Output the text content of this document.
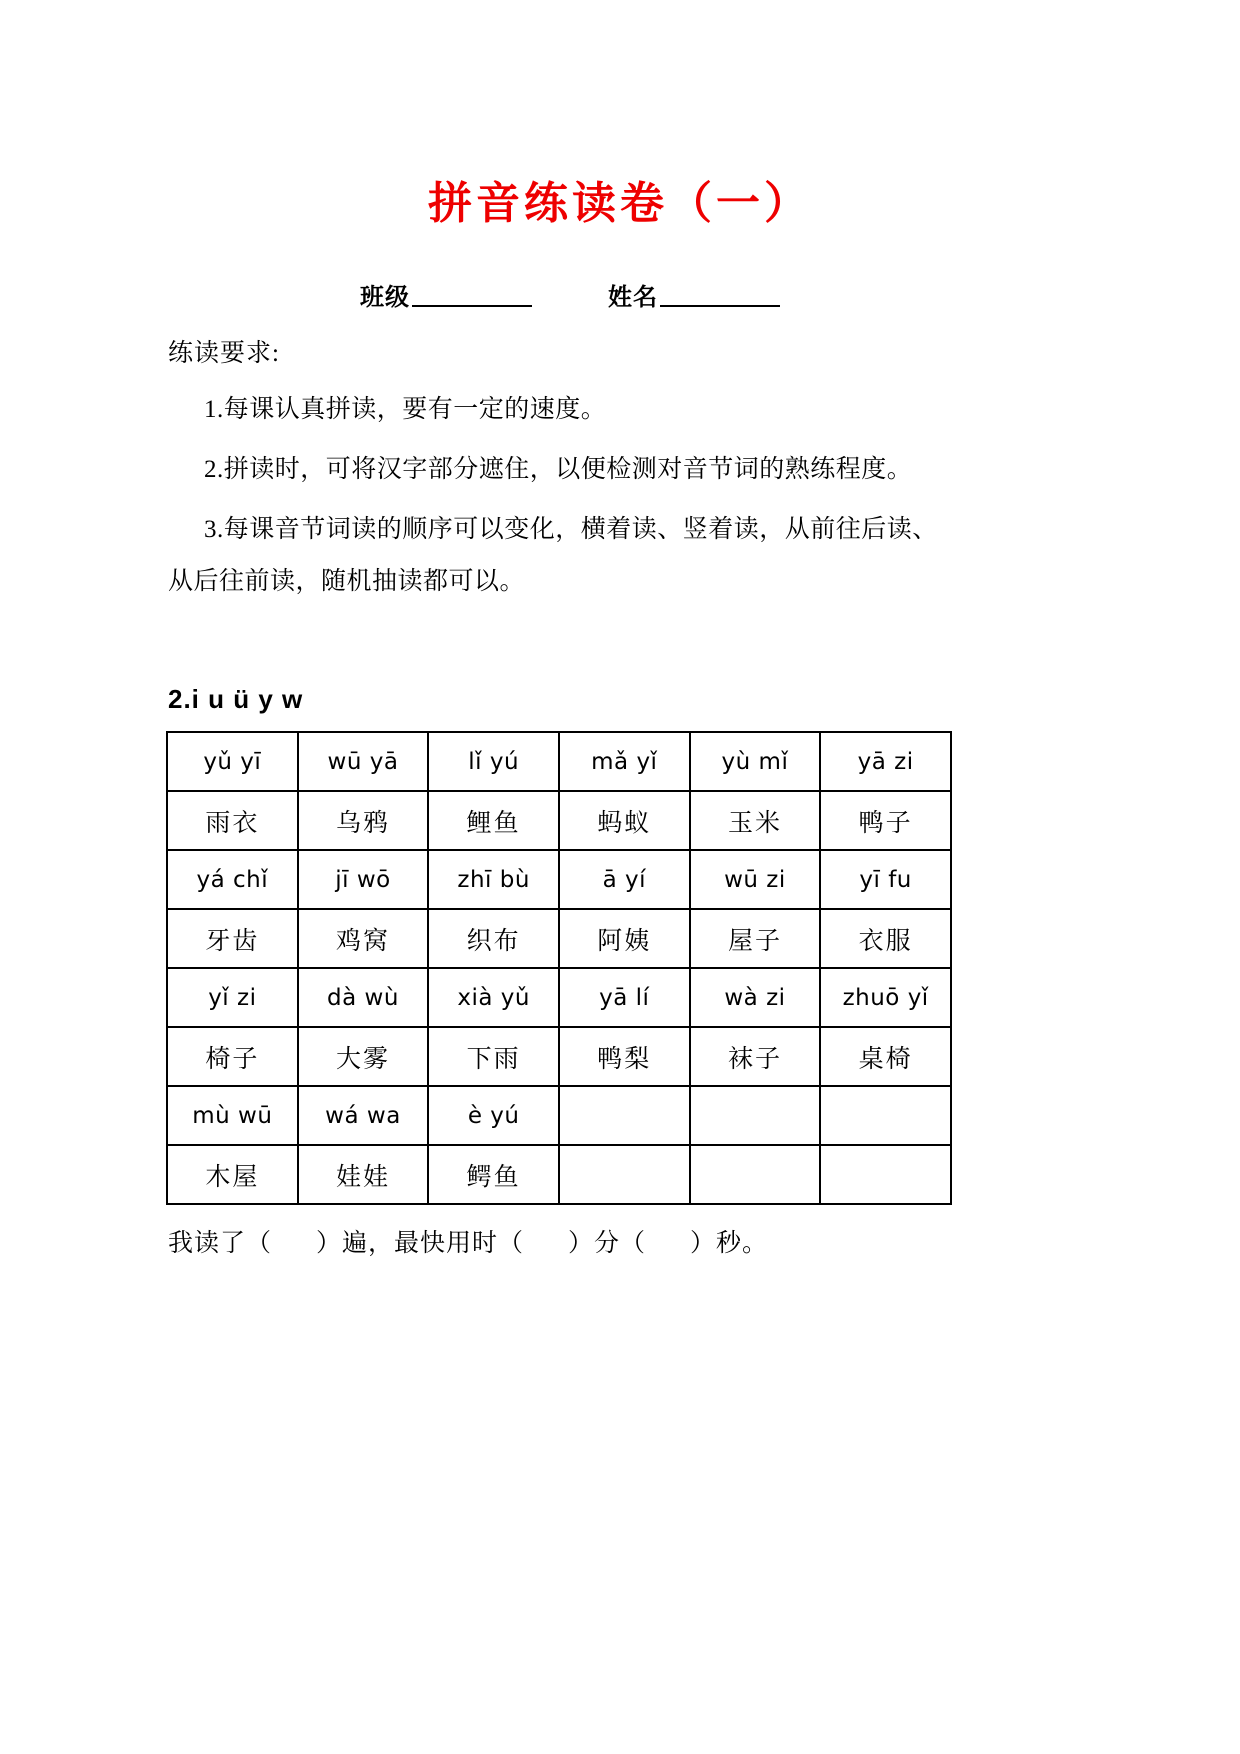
拼音练读卷（一）
班级	姓名
练读要求:
1.每课认真拼读，要有一定的速度。
2.拼读时，可将汉字部分遮住，以便检测对音节词的熟练程度。
3.每课音节词读的顺序可以变化，横着读、竖着读，从前往后读、
从后往前读，随机抽读都可以。
2.i u ü y w
yǔ yī	wū yā	lǐ yú	mǎ yǐ	yù mǐ	yā zi
雨衣	乌鸦	鲤鱼	蚂蚁	玉米	鸭子
yá chǐ	jī wō	zhī bù	ā yí	wū zi	yī fu
牙齿	鸡窝	织布	阿姨	屋子	衣服
yǐ zi	dà wù	xià yǔ	yā lí	wà zi	zhuō yǐ
椅子	大雾	下雨	鸭梨	袜子	桌椅
mù wū	wá wa	è yú			
木屋	娃娃	鳄鱼			
我读了（ ）遍，最快用时（ ）分（ ）秒。
